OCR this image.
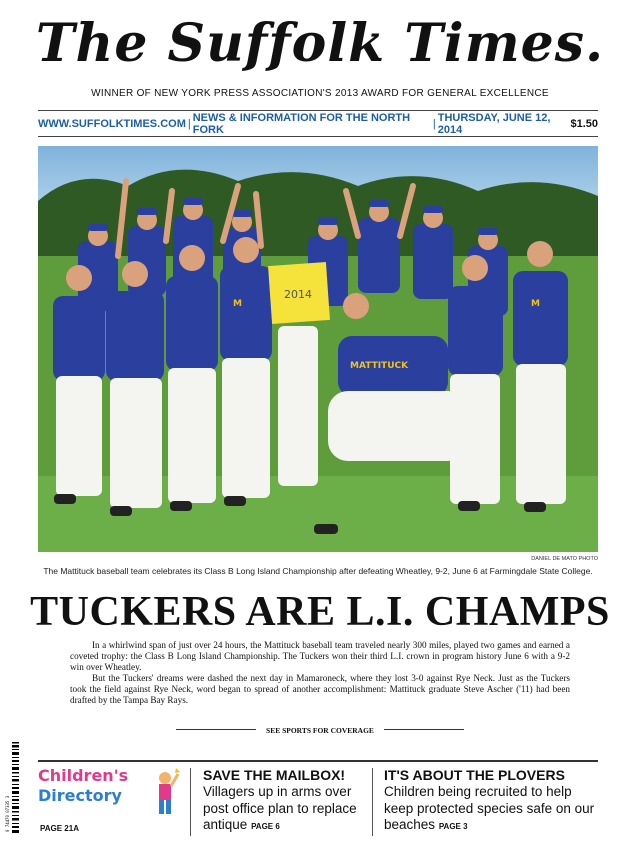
The Suffolk Times.
WINNER OF NEW YORK PRESS ASSOCIATION'S 2013 AWARD FOR GENERAL EXCELLENCE
WWW.SUFFOLKTIMES.COM | NEWS & INFORMATION FOR THE NORTH FORK	| THURSDAY, JUNE 12, 2014	$1.50
MATTITUCK
M
M
2014
DANIEL DE MATO PHOTO
The Mattituck baseball team celebrates its Class B Long Island Championship after defeating Wheatley, 9-2, June 6 at Farmingdale State College.
TUCKERS ARE L.I. CHAMPS

In a whirlwind span of just over 24 hours, the Mattituck baseball team traveled nearly 300 miles, played two games and earned a coveted trophy: the Class B Long Island Championship. The Tuckers won their third L.I. crown in program history June 6 with a 9-2 win over Wheatley.

But the Tuckers' dreams were dashed the next day in Mamaroneck, where they lost 3-0 against Rye Neck. Just as the Tuckers took the field against Rye Neck, word began to spread of another accomplishment: Mattituck graduate Steve Ascher ('11) had been drafted by the Tampa Bay Rays.

SEE SPORTS FOR COVERAGE
0 74470 07335 3
Children's
Directory
PAGE 21A
SAVE THE MAILBOX!
Villagers up in arms over post office plan to replace antique PAGE 6
IT'S ABOUT THE PLOVERS
Children being recruited to help keep protected species safe on our beaches PAGE 3
